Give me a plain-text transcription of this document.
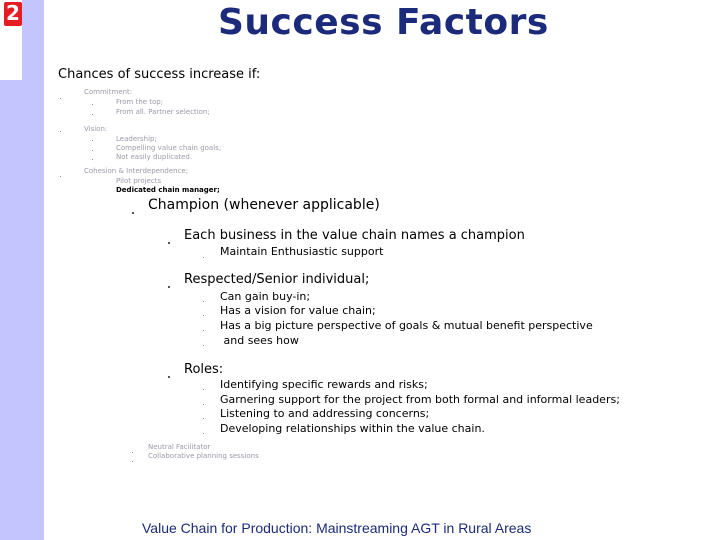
2	Success Factors
Chances of success increase if:
Commitment:
From the top;
From all. Partner selection;
Vision:
Leadership;
Compelling value chain goals;
Not easily duplicated.
Cohesion & Interdependence;
Pilot projects
Dedicated chain manager;
Champion (whenever applicable)
Each business in the value chain names a champion
Maintain Enthusiastic support
Respected/Senior individual;
Can gain buy-in;
Has a vision for value chain;
Has a big picture perspective of goals & mutual benefit perspective
and sees how
Roles:
Identifying specific rewards and risks;
Garnering support for the project from both formal and informal leaders;
Listening to and addressing concerns;
Developing relationships within the value chain.
Neutral Facilitator
Collaborative planning sessions
Value Chain for Production: Mainstreaming AGT in Rural Areas
